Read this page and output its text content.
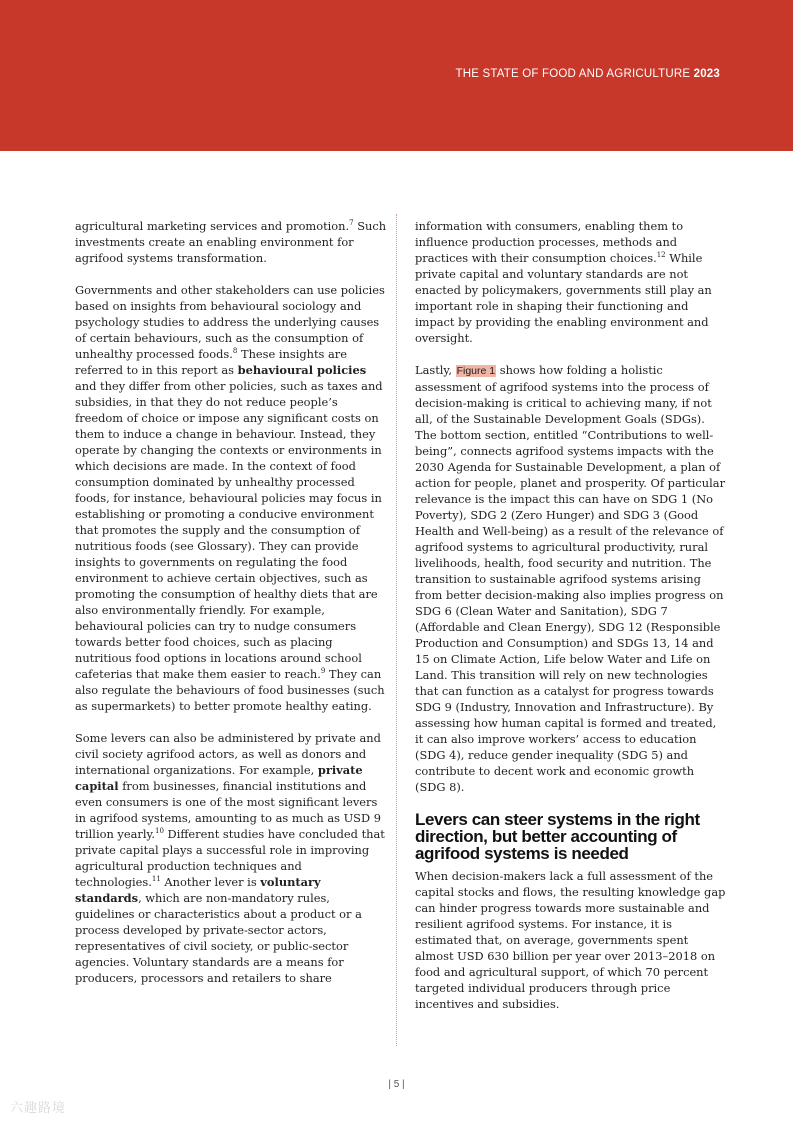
THE STATE OF FOOD AND AGRICULTURE 2023

agricultural marketing services and promotion.$^7$ Such investments create an enabling environment for agrifood systems transformation.

Governments and other stakeholders can use policies based on insights from behavioural sociology and psychology studies to address the underlying causes of certain behaviours, such as the consumption of unhealthy processed foods.$^8$ These insights are referred to in this report as behavioural policies and they differ from other policies, such as taxes and subsidies, in that they do not reduce people’s freedom of choice or impose any significant costs on them to induce a change in behaviour. Instead, they operate by changing the contexts or environments in which decisions are made. In the context of food consumption dominated by unhealthy processed foods, for instance, behavioural policies may focus in establishing or promoting a conducive environment that promotes the supply and the consumption of nutritious foods (see Glossary). They can provide insights to governments on regulating the food environment to achieve certain objectives, such as promoting the consumption of healthy diets that are also environmentally friendly. For example, behavioural policies can try to nudge consumers towards better food choices, such as placing nutritious food options in locations around school cafeterias that make them easier to reach.$^9$ They can also regulate the behaviours of food businesses (such as supermarkets) to better promote healthy eating.

Some levers can also be administered by private and civil society agrifood actors, as well as donors and international organizations. For example, private capital from businesses, financial institutions and even consumers is one of the most significant levers in agrifood systems, amounting to as much as USD 9 trillion yearly.$^{10}$ Different studies have concluded that private capital plays a successful role in improving agricultural production techniques and technologies.$^{11}$ Another lever is voluntary standards, which are non-mandatory rules, guidelines or characteristics about a product or a process developed by private-sector actors, representatives of civil society, or public-sector agencies. Voluntary standards are a means for producers, processors and retailers to share

information with consumers, enabling them to influence production processes, methods and practices with their consumption choices.$^{12}$ While private capital and voluntary standards are not enacted by policymakers, governments still play an important role in shaping their functioning and impact by providing the enabling environment and oversight.

Lastly, Figure 1 shows how folding a holistic assessment of agrifood systems into the process of decision-making is critical to achieving many, if not all, of the Sustainable Development Goals (SDGs). The bottom section, entitled “Contributions to well-being”, connects agrifood systems impacts with the 2030 Agenda for Sustainable Development, a plan of action for people, planet and prosperity. Of particular relevance is the impact this can have on SDG 1 (No Poverty), SDG 2 (Zero Hunger) and SDG 3 (Good Health and Well-being) as a result of the relevance of agrifood systems to agricultural productivity, rural livelihoods, health, food security and nutrition. The transition to sustainable agrifood systems arising from better decision-making also implies progress on SDG 6 (Clean Water and Sanitation), SDG 7 (Affordable and Clean Energy), SDG 12 (Responsible Production and Consumption) and SDGs 13, 14 and 15 on Climate Action, Life below Water and Life on Land. This transition will rely on new technologies that can function as a catalyst for progress towards SDG 9 (Industry, Innovation and Infrastructure). By assessing how human capital is formed and treated, it can also improve workers’ access to education (SDG 4), reduce gender inequality (SDG 5) and contribute to decent work and economic growth (SDG 8).

Levers can steer systems in the right direction, but better accounting of agrifood systems is needed

When decision-makers lack a full assessment of the capital stocks and flows, the resulting knowledge gap can hinder progress towards more sustainable and resilient agrifood systems. For instance, it is estimated that, on average, governments spent almost USD 630 billion per year over 2013–2018 on food and agricultural support, of which 70 percent targeted individual producers through price incentives and subsidies.

| 5 |
六趣路境
